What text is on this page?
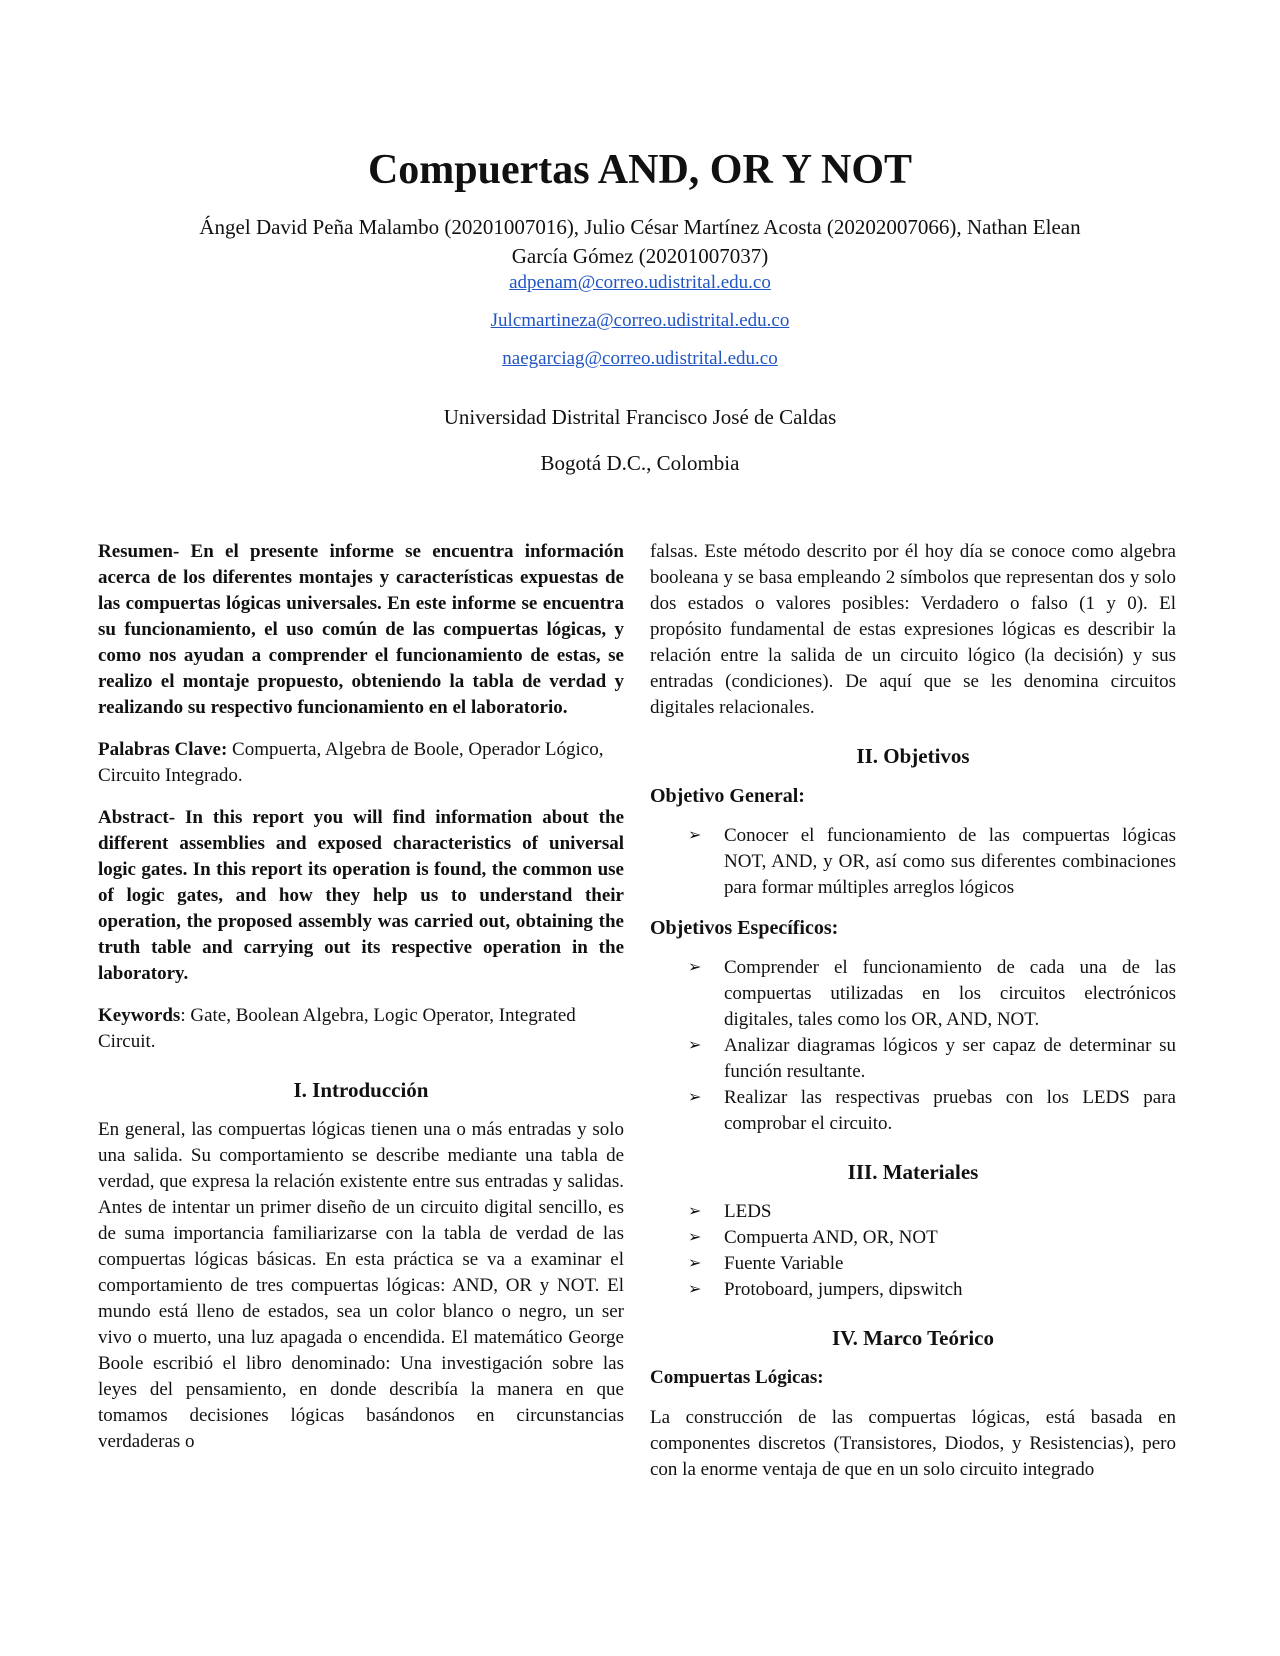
Compuertas AND, OR Y NOT

Ángel David Peña Malambo (20201007016), Julio César Martínez Acosta (20202007066), Nathan Elean García Gómez (20201007037)

adpenam@correo.udistrital.edu.co

Julcmartineza@correo.udistrital.edu.co

naegarciag@correo.udistrital.edu.co

Universidad Distrital Francisco José de Caldas

Bogotá D.C., Colombia

Resumen- En el presente informe se encuentra información acerca de los diferentes montajes y características expuestas de las compuertas lógicas universales. En este informe se encuentra su funcionamiento, el uso común de las compuertas lógicas, y como nos ayudan a comprender el funcionamiento de estas, se realizo el montaje propuesto, obteniendo la tabla de verdad y realizando su respectivo funcionamiento en el laboratorio.

Palabras Clave: Compuerta, Algebra de Boole, Operador Lógico, Circuito Integrado.

Abstract- In this report you will find information about the different assemblies and exposed characteristics of universal logic gates. In this report its operation is found, the common use of logic gates, and how they help us to understand their operation, the proposed assembly was carried out, obtaining the truth table and carrying out its respective operation in the laboratory.

Keywords: Gate, Boolean Algebra, Logic Operator, Integrated Circuit.

I. Introducción

En general, las compuertas lógicas tienen una o más entradas y solo una salida. Su comportamiento se describe mediante una tabla de verdad, que expresa la relación existente entre sus entradas y salidas. Antes de intentar un primer diseño de un circuito digital sencillo, es de suma importancia familiarizarse con la tabla de verdad de las compuertas lógicas básicas. En esta práctica se va a examinar el comportamiento de tres compuertas lógicas: AND, OR y NOT. El mundo está lleno de estados, sea un color blanco o negro, un ser vivo o muerto, una luz apagada o encendida. El matemático George Boole escribió el libro denominado: Una investigación sobre las leyes del pensamiento, en donde describía la manera en que tomamos decisiones lógicas basándonos en circunstancias verdaderas o

falsas. Este método descrito por él hoy día se conoce como algebra booleana y se basa empleando 2 símbolos que representan dos y solo dos estados o valores posibles: Verdadero o falso (1 y 0). El propósito fundamental de estas expresiones lógicas es describir la relación entre la salida de un circuito lógico (la decisión) y sus entradas (condiciones). De aquí que se les denomina circuitos digitales relacionales.

II. Objetivos
Objetivo General:
➢ Conocer el funcionamiento de las compuertas lógicas NOT, AND, y OR, así como sus diferentes combinaciones para formar múltiples arreglos lógicos
Objetivos Específicos:
➢ Comprender el funcionamiento de cada una de las compuertas utilizadas en los circuitos electrónicos digitales, tales como los OR, AND, NOT.
➢ Analizar diagramas lógicos y ser capaz de determinar su función resultante.
➢ Realizar las respectivas pruebas con los LEDS para comprobar el circuito.
III. Materiales
➢ LEDS
➢ Compuerta AND, OR, NOT
➢ Fuente Variable
➢ Protoboard, jumpers, dipswitch
IV. Marco Teórico
Compuertas Lógicas:

La construcción de las compuertas lógicas, está basada en componentes discretos (Transistores, Diodos, y Resistencias), pero con la enorme ventaja de que en un solo circuito integrado
